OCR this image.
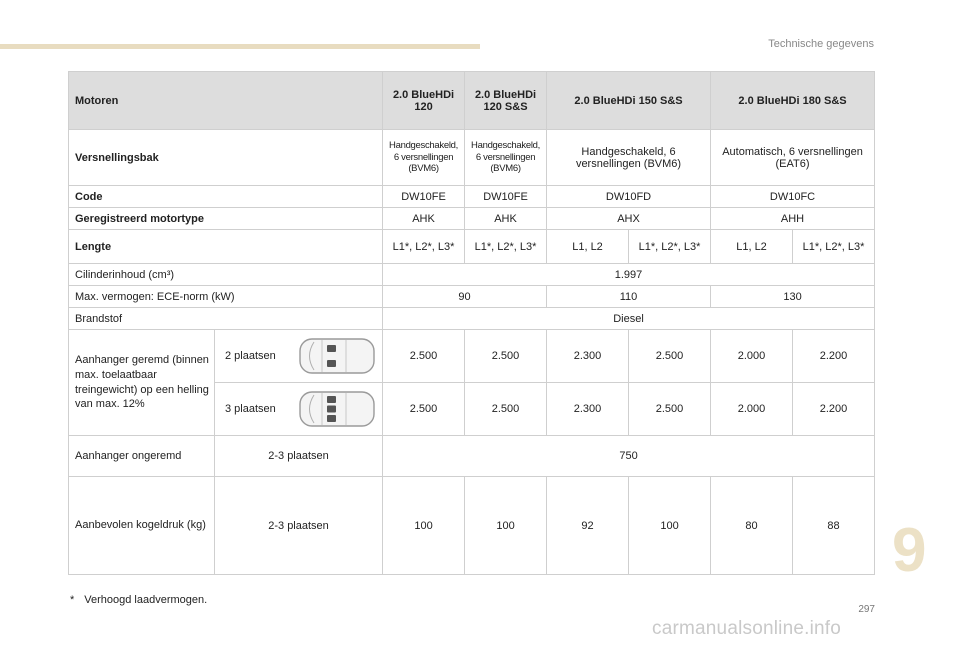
Technische gegevens
Motoren		2.0 BlueHDi 120	2.0 BlueHDi 120 S&S	2.0 BlueHDi 150 S&S		2.0 BlueHDi 180 S&S	
Versnellingsbak		Handgeschakeld, 6 versnellingen (BVM6)	Handgeschakeld, 6 versnellingen (BVM6)	Handgeschakeld, 6 versnellingen (BVM6)		Automatisch, 6 versnellingen (EAT6)	
Code		DW10FE	DW10FE	DW10FD		DW10FC	
Geregistreerd motortype		AHK	AHK	AHX		AHH	
Lengte		L1*, L2*, L3*	L1*, L2*, L3*	L1, L2	L1*, L2*, L3*	L1, L2	L1*, L2*, L3*
Cilinderinhoud (cm³)		1.997					
Max. vermogen: ECE-norm (kW)		90		110		130	
Brandstof		Diesel					
Aanhanger geremd (binnen max. toelaatbaar treingewicht) op een helling van max. 12%	2 plaatsen	2.500	2.500	2.300	2.500	2.000	2.200

	3 plaatsen	2.500	2.500	2.300	2.500	2.000	2.200
Aanhanger ongeremd	2-3 plaatsen	750					
Aanbevolen kogeldruk (kg)	2-3 plaatsen	100	100	92	100	80	88
* Verhoogd laadvermogen.
9
297
carmanualsonline.info
